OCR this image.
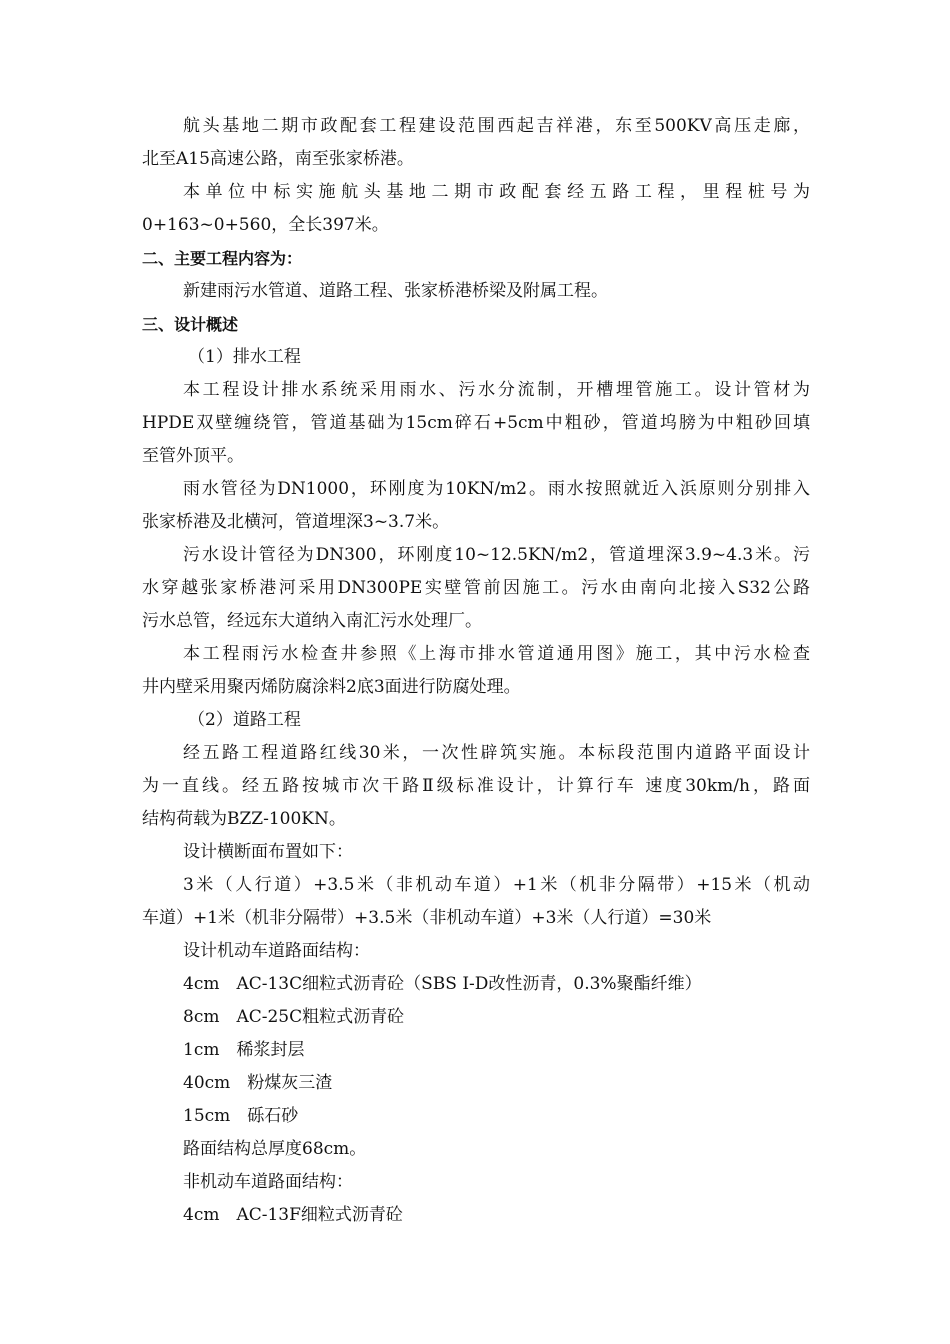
航头基地二期市政配套工程建设范围西起吉祥港，东至500KV高压走廊，
北至A15高速公路，南至张家桥港。
本单位中标实施航头基地二期市政配套经五路工程，里程桩号为
0+163~0+560，全长397米。
二、主要工程内容为：
新建雨污水管道、道路工程、张家桥港桥梁及附属工程。
三、设计概述
（1）排水工程
本工程设计排水系统采用雨水、污水分流制，开槽埋管施工。设计管材为
HPDE双壁缠绕管，管道基础为15cm碎石+5cm中粗砂，管道坞膀为中粗砂回填
至管外顶平。
雨水管径为DN1000，环刚度为10KN/m2。雨水按照就近入浜原则分别排入
张家桥港及北横河，管道埋深3~3.7米。
污水设计管径为DN300，环刚度10~12.5KN/m2，管道埋深3.9~4.3米。污
水穿越张家桥港河采用DN300PE实壁管前因施工。污水由南向北接入S32公路
污水总管，经远东大道纳入南汇污水处理厂。
本工程雨污水检查井参照《上海市排水管道通用图》施工，其中污水检查
井内壁采用聚丙烯防腐涂料2底3面进行防腐处理。
（2）道路工程
经五路工程道路红线30米，一次性辟筑实施。本标段范围内道路平面设计
为一直线。经五路按城市次干路Ⅱ级标准设计，计算行车 速度30km/h，路面
结构荷载为BZZ-100KN。
设计横断面布置如下：
3米（人行道）+3.5米（非机动车道）+1米（机非分隔带）+15米（机动
车道）+1米（机非分隔带）+3.5米（非机动车道）+3米（人行道）=30米
设计机动车道路面结构：
4cm　AC-13C细粒式沥青砼（SBS I-D改性沥青，0.3%聚酯纤维）
8cm　AC-25C粗粒式沥青砼
1cm　稀浆封层
40cm　粉煤灰三渣
15cm　砾石砂
路面结构总厚度68cm。
非机动车道路面结构：
4cm　AC-13F细粒式沥青砼
